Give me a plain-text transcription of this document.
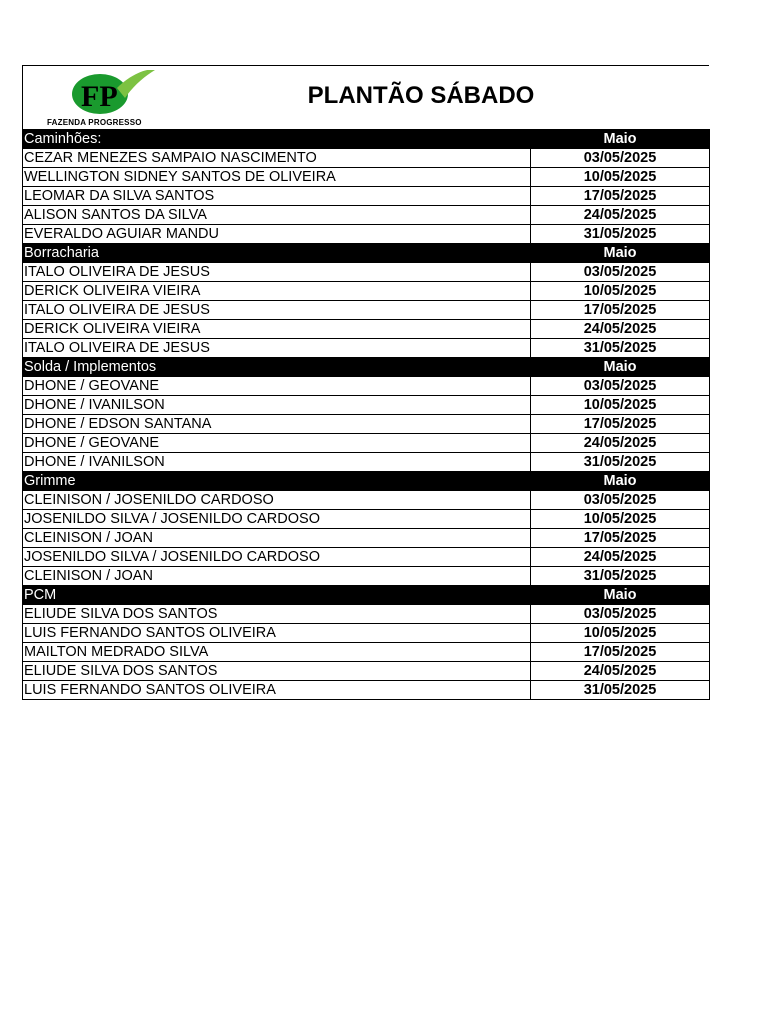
FP
FAZENDA PROGRESSO
PLANTÃO SÁBADO
Caminhões:	Maio
CEZAR MENEZES SAMPAIO NASCIMENTO	03/05/2025
WELLINGTON SIDNEY SANTOS DE OLIVEIRA	10/05/2025
LEOMAR DA SILVA SANTOS	17/05/2025
ALISON SANTOS DA SILVA	24/05/2025
EVERALDO AGUIAR MANDU	31/05/2025
Borracharia	Maio
ITALO OLIVEIRA DE JESUS	03/05/2025
DERICK OLIVEIRA VIEIRA	10/05/2025
ITALO OLIVEIRA DE JESUS	17/05/2025
DERICK OLIVEIRA VIEIRA	24/05/2025
ITALO OLIVEIRA DE JESUS	31/05/2025
Solda / Implementos	Maio
DHONE / GEOVANE	03/05/2025
DHONE / IVANILSON	10/05/2025
DHONE / EDSON SANTANA	17/05/2025
DHONE / GEOVANE	24/05/2025
DHONE / IVANILSON	31/05/2025
Grimme	Maio
CLEINISON / JOSENILDO CARDOSO	03/05/2025
JOSENILDO SILVA / JOSENILDO CARDOSO	10/05/2025
CLEINISON / JOAN	17/05/2025
JOSENILDO SILVA / JOSENILDO CARDOSO	24/05/2025
CLEINISON / JOAN	31/05/2025
PCM	Maio
ELIUDE SILVA DOS SANTOS	03/05/2025
LUIS FERNANDO SANTOS OLIVEIRA	10/05/2025
MAILTON MEDRADO SILVA	17/05/2025
ELIUDE SILVA DOS SANTOS	24/05/2025
LUIS FERNANDO SANTOS OLIVEIRA	31/05/2025
